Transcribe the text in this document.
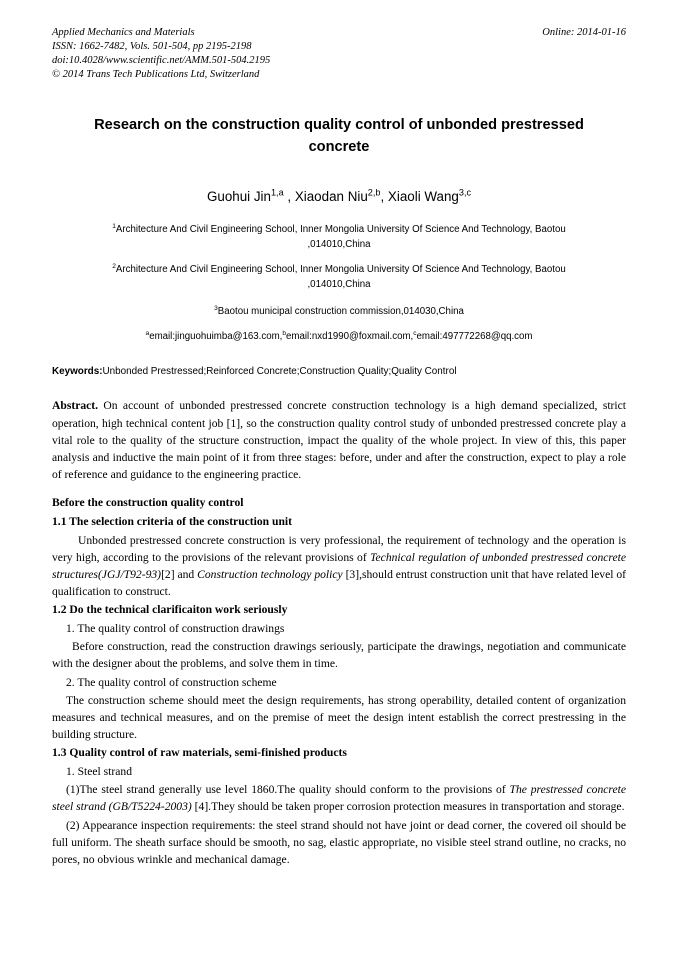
Applied Mechanics and Materials
ISSN: 1662-7482, Vols. 501-504, pp 2195-2198
doi:10.4028/www.scientific.net/AMM.501-504.2195
© 2014 Trans Tech Publications Ltd, Switzerland
Online: 2014-01-16
Research on the construction quality control of unbonded prestressed concrete
Guohui Jin$^{1,a}$ , Xiaodan Niu$^{2,b}$, Xiaoli Wang$^{3,c}$
$^1$Architecture And Civil Engineering School, Inner Mongolia University Of Science And Technology, Baotou ,014010,China
$^2$Architecture And Civil Engineering School, Inner Mongolia University Of Science And Technology, Baotou ,014010,China
$^3$Baotou municipal construction commission,014030,China
$^a$email:jinguohuimba@163.com,$^b$email:nxd1990@foxmail.com,$^c$email:497772268@qq.com
Keywords:Unbonded Prestressed;Reinforced Concrete;Construction Quality;Quality Control
Abstract. On account of unbonded prestressed concrete construction technology is a high demand specialized, strict operation, high technical content job [1], so the construction quality control study of unbonded prestressed concrete play a vital role to the quality of the structure construction, impact the quality of the whole project. In view of this, this paper analysis and inductive the main point of it from three stages: before, under and after the construction, expect to play a role of reference and guidance to the engineering practice.
Before the construction quality control
1.1 The selection criteria of the construction unit

Unbonded prestressed concrete construction is very professional, the requirement of technology and the operation is very high, according to the provisions of the relevant provisions of Technical regulation of unbonded prestressed concrete structures(JGJ/T92-93)[2] and Construction technology policy [3],should entrust construction unit that have related level of qualification to construct.

1.2 Do the technical clarificaiton work seriously

1. The quality control of construction drawings

Before construction, read the construction drawings seriously, participate the drawings, negotiation and communicate with the designer about the problems, and solve them in time.

2. The quality control of construction scheme

The construction scheme should meet the design requirements, has strong operability, detailed content of organization measures and technical measures, and on the premise of meet the design intent establish the correct prestressing in the building structure.

1.3 Quality control of raw materials, semi-finished products

1. Steel strand

(1)The steel strand generally use level 1860.The quality should conform to the provisions of The prestressed concrete steel strand (GB/T5224-2003) [4].They should be taken proper corrosion protection measures in transportation and storage.

(2) Appearance inspection requirements: the steel strand should not have joint or dead corner, the covered oil should be full uniform. The sheath surface should be smooth, no sag, elastic appropriate, no visible steel strand outline, no cracks, no pores, no obvious wrinkle and mechanical damage.
